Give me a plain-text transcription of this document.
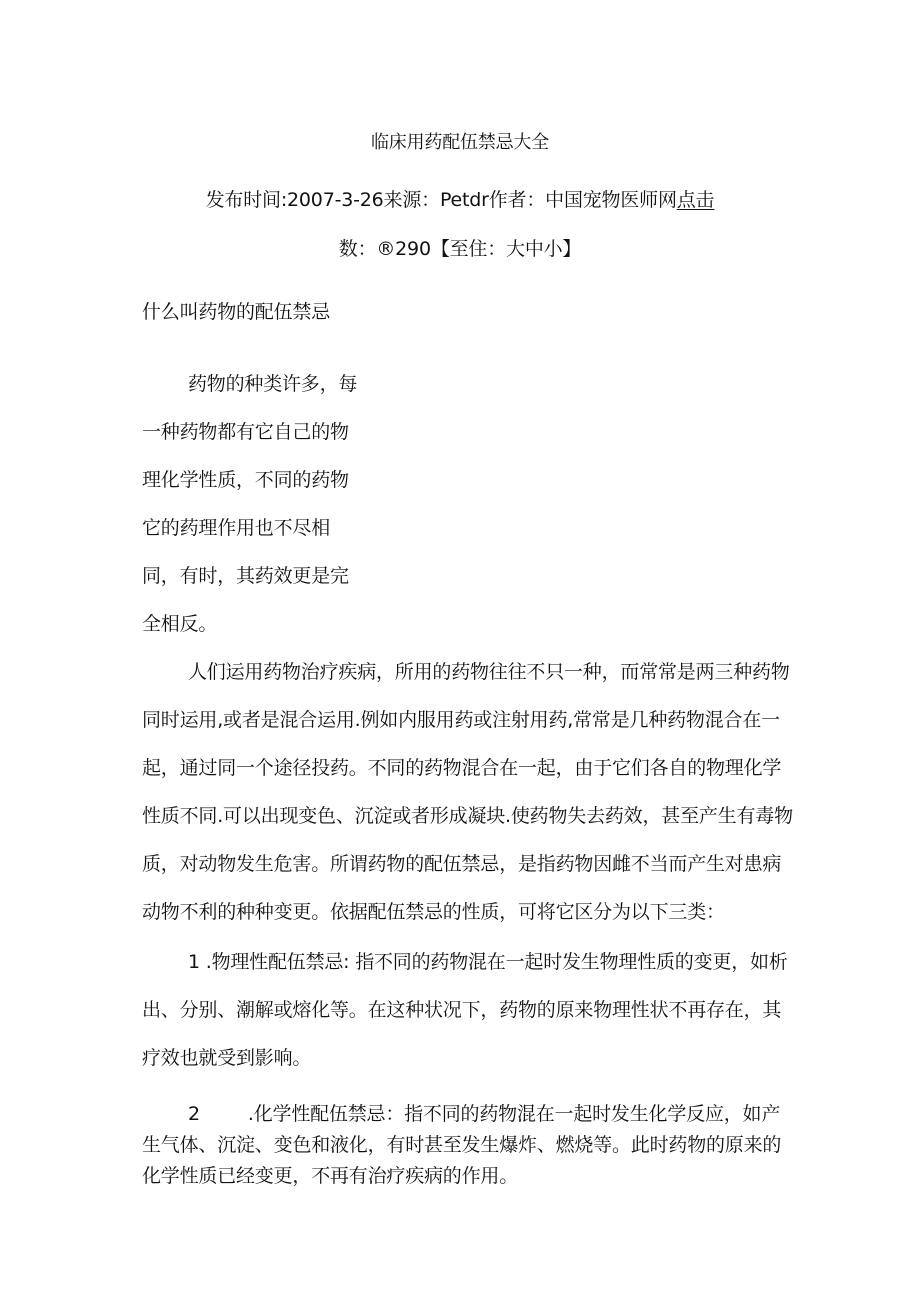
临床用药配伍禁忌大全
发布时间:2007-3-26来源：Petdr作者：中国宠物医师网点击
数：®290【至住：大中小】
什么叫药物的配伍禁忌
药物的种类许多，每
一种药物都有它自己的物
理化学性质，不同的药物
它的药理作用也不尽相
同，有时，其药效更是完
全相反。
人们运用药物治疗疾病，所用的药物往往不只一种，而常常是两三种药物
同时运用,或者是混合运用.例如内服用药或注射用药,常常是几种药物混合在一
起，通过同一个途径投药。不同的药物混合在一起，由于它们各自的物理化学
性质不同.可以出现变色、沉淀或者形成凝块.使药物失去药效，甚至产生有毒物
质，对动物发生危害。所谓药物的配伍禁忌，是指药物因雌不当而产生对患病
动物不利的种种变更。依据配伍禁忌的性质，可将它区分为以下三类：
1 .物理性配伍禁忌: 指不同的药物混在一起时发生物理性质的变更，如析
出、分别、潮解或熔化等。在这种状况下，药物的原来物理性状不再存在，其
疗效也就受到影响。
2	.化学性配伍禁忌：指不同的药物混在一起时发生化学反应，如产
生气体、沉淀、变色和液化，有时甚至发生爆炸、燃烧等。此时药物的原来的
化学性质已经变更，不再有治疗疾病的作用。
